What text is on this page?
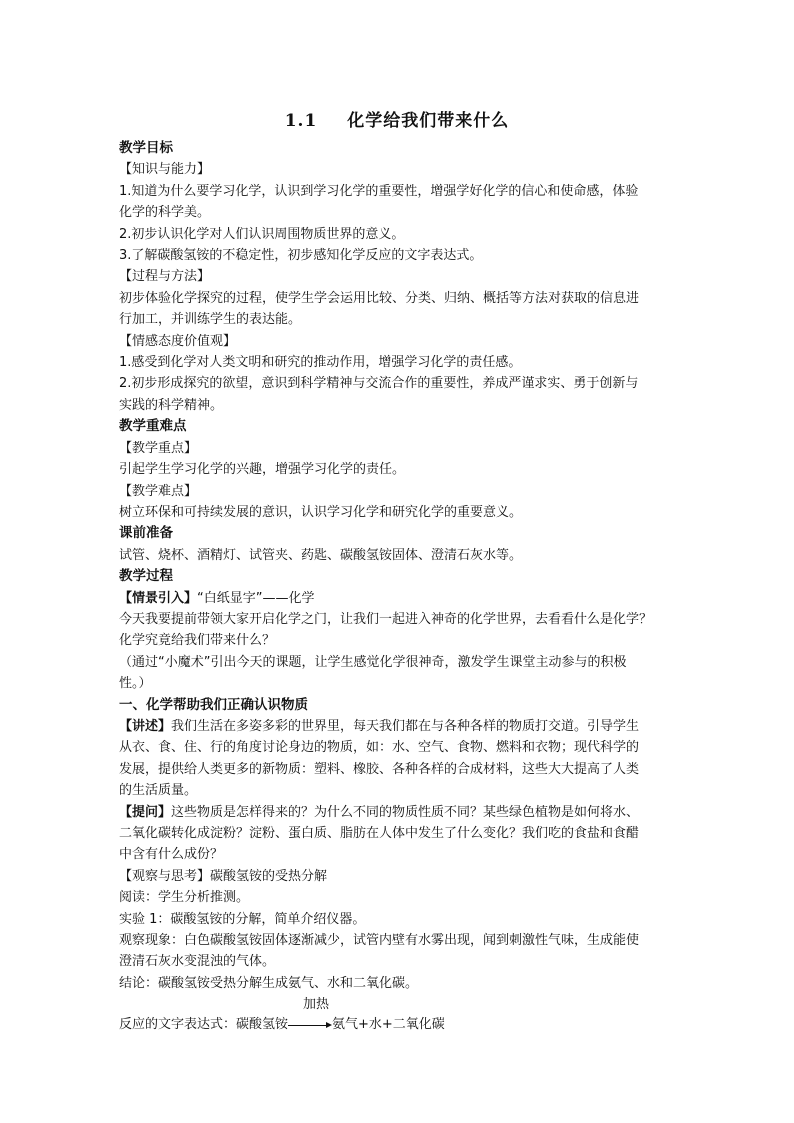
1.1 化学给我们带来什么
教学目标
【知识与能力】
1.知道为什么要学习化学，认识到学习化学的重要性，增强学好化学的信心和使命感，体验
化学的科学美。
2.初步认识化学对人们认识周围物质世界的意义。
3.了解碳酸氢铵的不稳定性，初步感知化学反应的文字表达式。
【过程与方法】
初步体验化学探究的过程，使学生学会运用比较、分类、归纳、概括等方法对获取的信息进
行加工，并训练学生的表达能。
【情感态度价值观】
1.感受到化学对人类文明和研究的推动作用，增强学习化学的责任感。
2.初步形成探究的欲望，意识到科学精神与交流合作的重要性，养成严谨求实、勇于创新与
实践的科学精神。
教学重难点
【教学重点】
引起学生学习化学的兴趣，增强学习化学的责任。
【教学难点】
树立环保和可持续发展的意识，认识学习化学和研究化学的重要意义。
课前准备
试管、烧杯、酒精灯、试管夹、药匙、碳酸氢铵固体、澄清石灰水等。
教学过程
【情景引入】“白纸显字”——化学
今天我要提前带领大家开启化学之门，让我们一起进入神奇的化学世界，去看看什么是化学？
化学究竟给我们带来什么？
（通过“小魔术”引出今天的课题，让学生感觉化学很神奇，激发学生课堂主动参与的积极
性。）
一、化学帮助我们正确认识物质
【讲述】我们生活在多姿多彩的世界里，每天我们都在与各种各样的物质打交道。引导学生
从衣、食、住、行的角度讨论身边的物质，如：水、空气、食物、燃料和衣物；现代科学的
发展，提供给人类更多的新物质：塑料、橡胶、各种各样的合成材料，这些大大提高了人类
的生活质量。
【提问】这些物质是怎样得来的？为什么不同的物质性质不同？某些绿色植物是如何将水、
二氧化碳转化成淀粉？淀粉、蛋白质、脂肪在人体中发生了什么变化？我们吃的食盐和食醋
中含有什么成份？
【观察与思考】碳酸氢铵的受热分解
阅读：学生分析推测。
实验 1：碳酸氢铵的分解，简单介绍仪器。
观察现象：白色碳酸氢铵固体逐渐减少，试管内壁有水雾出现，闻到刺激性气味，生成能使
澄清石灰水变混浊的气体。
结论：碳酸氢铵受热分解生成氨气、水和二氧化碳。
加热
反应的文字表达式：碳酸氢铵	氨气+水+二氧化碳
